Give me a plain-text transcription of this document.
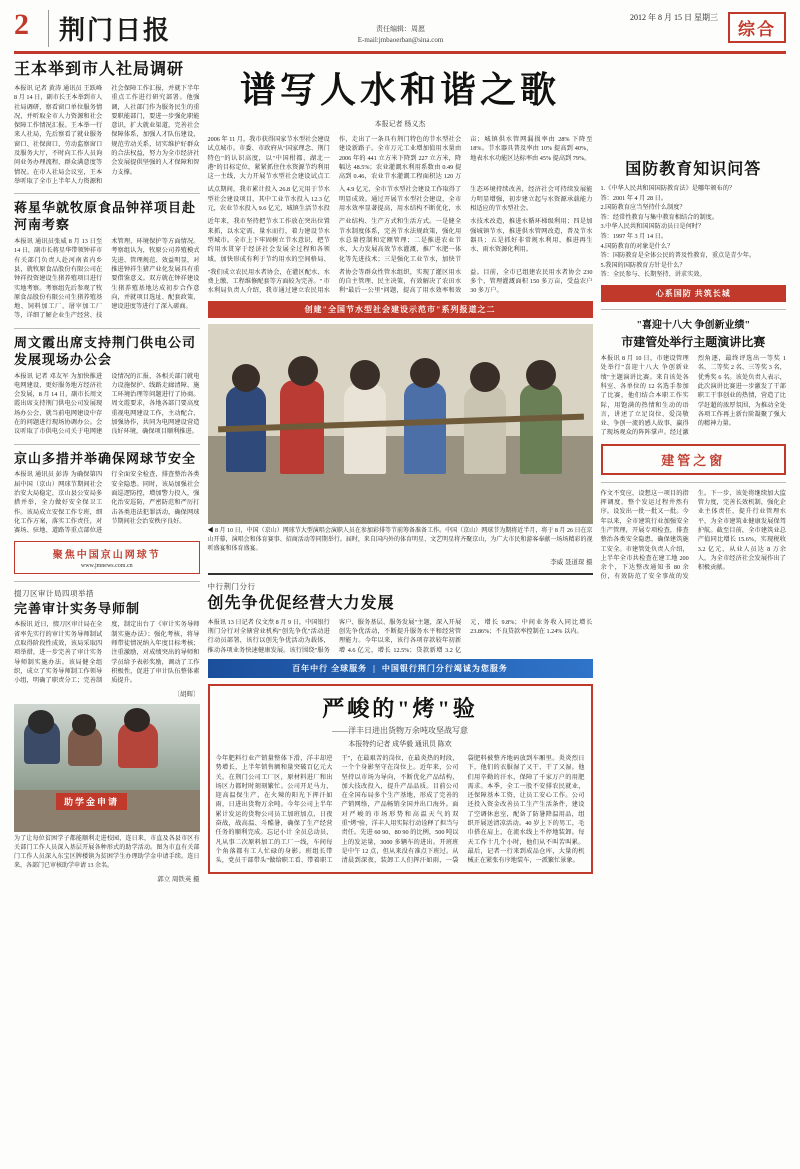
2	荆门日报	责任编辑：周愿
E-mail:jmbaoerban@sina.com
2012 年 8 月 15 日 星期三
综合
王本举到市人社局调研
本报讯 记者 黄涛 通讯员 王跃峰 8 月 14 日，副市长王本举到市人社局调研，察看窗口单位服务情况，并听取全市人力资源和社会保障工作情况汇报。王本举一行来人社局，先后察看了就业服务窗口、社保窗口、劳动监察窗口及服务大厅，不时向工作人员询问业务办理流程、群众满意度等情况。在市人社局会议室，王本举听取了全市上半年人力资源和社会保障工作汇报，并就下半年重点工作进行研究部署。他强调，人社部门作为服务民生的重要职能部门，要进一步强化职能意识，扩大就业渠道，完善社会保障体系，加强人才队伍建设，规范劳动关系，切实维护好群众的合法权益，努力为全市经济社会发展提供坚强的人才保障和智力支撑。
蒋星华就牧原食品钟祥项目赴河南考察
本报讯 通讯员张威 8 月 13 日至 14 日，副市长蒋星华带领钟祥市有关部门负责人赴河南省内乡县，就牧原食品股份有限公司在钟祥投资建设生猪养殖项目进行实地考察。考察组先后参观了牧原食品股份有限公司生猪养殖基地、饲料加工厂、屠宰加工厂等，详细了解企业生产经营、技术管理、环境保护等方面情况。考察组认为，牧原公司养殖模式先进、管理规范、效益明显，对推进钟祥生猪产业化发展具有重要借鉴意义。双方就在钟祥建设生猪养殖基地达成初步合作意向，并就项目选址、配套政策、建设进度等进行了深入磋商。
周文霞出席支持荆门供电公司发展现场办公会
本报讯 记者 邓友军 为加快推进电网建设，更好服务地方经济社会发展，8 月 14 日，副市长周文霞出席支持荆门供电公司发展现场办公会，就当前电网建设中存在的问题进行现场协调办公。会议听取了市供电公司关于电网建设情况的汇报，各相关部门就电力设施保护、线路走廊清障、施工环境治理等问题进行了协商。周文霞要求，各地各部门要高度重视电网建设工作，主动配合、加强协作，共同为电网建设营造良好环境，确保项目顺利推进。
京山多措并举确保网球节安全
本报讯 通讯员 彭涛 为确保第四届中国（京山）网球节期间社会治安大局稳定，京山县公安局多措并举，全力做好安全保卫工作。该局成立安保工作专班，细化工作方案，落实工作责任，对赛场、驻地、道路等重点部位进行全面安全检查，排查整治各类安全隐患。同时，该局加强社会面巡逻防控，增加警力投入，强化治安巡防，严密防范和严厉打击各类违法犯罪活动，确保网球节期间社会治安秩序良好。
聚焦中国京山网球节
www.jmnews.com.cn
掇刀区审计局四项举措
完善审计实务导师制
本报讯 近日，掇刀区审计局在全省率先实行的审计实务导师制试点取得阶段性成效，该局采取四项举措，进一步完善了审计实务导师制实施办法。该局健全组织，成立了实务导师制工作领导小组，明确了职责分工；完善制度，制定出台了《审计实务导师制实施办法》；强化考核，将导师带徒情况纳入年度目标考核；注重激励，对成绩突出的导师和学员给予表彰奖励，调动了工作积极性，促进了审计队伍整体素质提升。
〔胡辉〕
助学金申请
为了让每位贫困学子都能顺利走进校园，连日来，市直及各县市区有关部门工作人员深入基层开展各种形式的助学活动。图为市直有关部门工作人员深入东宝区牌楼镇为贫困学生办理助学金申请手续。连日来，各部门已审核助学申请 13 余名。
郭立 周铁英 摄
谱写人水和谐之歌
本报记者 杨义杰
2006 年 11 月，我市获得国家节水型社会建设试点城市。市委、市政府从"国家理念、荆门特色"的认识高度，以"中国柑都、湖北一港"的目标定位，紧紧抓住住水资源节约利用这一主线，大力开展节水型社会建设试点工作，走出了一条具有荆门特色的节水型社会建设新路子。全市万元工业增加值用水量由 2006 年的 441 立方米下降到 227 立方米，降幅达 48.5%；农业灌溉水利用系数由 0.49 提高到 0.46，农业节水灌溉工程面积达 120 万亩；城镇供水管网漏损率由 28% 下降至 18%。节水器具普及率由 10% 提高到 40%，地表水水功能区达标率由 45% 提高到 79%。
试点期间，我市累计投入 26.8 亿元用于节水型社会建设项目，其中工业节水投入 12.3 亿元，农业节水投入 9.6 亿元，城镇生活节水投入 4.9 亿元，全市节水型社会建设工作取得了明显成效。通过开展节水型社会建设，全市用水效率显著提高，用水结构不断优化，水生态环境持续改善，经济社会可持续发展能力明显增强，初步建立起与水资源承载能力相适应的节水型社会。
近年来，我市坚持把节水工作放在突出位置来抓，以水定需、量水而行，着力建设节水型城市。全市上下牢固树立节水意识，把节约用水贯穿于经济社会发展全过程和各领域，加快形成有利于节约用水的空间格局、产业结构、生产方式和生活方式。一是健全节水制度体系，完善节水法规政策，强化用水总量控制和定额管理；二是推进农业节水，大力发展高效节水灌溉，推广水肥一体化等先进技术；三是强化工业节水，加快节水技术改造，推进水循环梯级利用；四是加强城镇节水，推进供水管网改造，普及节水器具；五是抓好非常规水利用，推进再生水、雨水资源化利用。
"我们成立农民用水者协会，在灌区配水、水费上缴、工程维修配套等方面较为完善。" 市水利局负责人介绍，我市通过建立农民用水者协会等群众性管水组织，实现了灌区用水的自主管理、民主决策，有效解决了农田水利"最后一公里"问题，提高了用水效率和效益。目前，全市已组建农民用水者协会 230 多个，管理灌溉面积 150 多万亩，受益农户 30 多万户。
创建"全国节水型社会建设示范市"系列报道之二
◀ 8 月 10 日，中国（京山）网球节大型演唱会演职人员在参加彩排等节前筹备准备工作。中国（京山）网球节为期将近半月，将于 8 月 26 日在京山开幕，演唱会和体育赛事、招商活动等同期举行。届时，来自国内外的体育明星、文艺明星将齐聚京山，为广大市民和游客奉献一场场精彩的视听盛宴和体育盛宴。
李威 聂道琛 摄
中行荆门分行
创先争优促经营大力发展
本报讯 13 日记者 仪文焘 8 月 9 日，中国银行荆门分行对全辖营业机构"创先争优"活动进行动员部署，该行以创先争优活动为载体，推动各项业务快速健康发展。该行围绕"服务客户、服务基层、服务发展"主题，深入开展创先争优活动，不断提升服务水平和经营管理能力。今年以来，该行各项存款较年初新增 4.6 亿元，增长 12.5%；贷款新增 3.2 亿元，增长 9.8%；中间业务收入同比增长 23.86%；不良贷款率控制在 1.24% 以内。
百年中行 全球服务  |  中国银行荆门分行竭诚为您服务
严峻的"烤"验
——洋丰日进出货物万余吨攻坚战写意
本报特约记者 成华毅 通讯员 陈欢
今年肥料行业产销量整体下滑，洋丰却逆势增长，上半年销售额和量突破百亿元大关。在荆门公司工厂区，原材料进厂和出场区力都时时刻刻繁忙。公司开足马力，迎高温保生产，在火辣的阳光下挥汗如雨，日进出货物万余吨。今年公司上半年累计发运的货物公司员工加班加点、日夜奋战，战高温、斗酷暑，确保了生产经营任务的顺利完成。忘记小计 全员总动员，凡从事二次原料加工的工厂一线，车间每个角落都有工人忙碌的身影。班组长带头，党员干部带头"做给职工看、带着职工干"，在最艰苦的岗位，在最炎热的时段，一个个身影坚守在岗位上。近年来，公司坚持以市场为导向，不断优化产品结构，加大技改投入，提升产品品质。目前公司在全国布局多个生产基地，形成了完善的产销网络，产品畅销全国并出口海外。面对严峻的市场形势和高温天气的双重"烤"验，洋丰人用实际行动诠释了担当与责任。先进 60 90、80 90 的比例，500 吨以上的发运量，3000 多辆车的进出。开班班是中午 12 点，但从来没有准点下班过。从清晨到深夜，装卸工人们挥汗如雨，一袋袋肥料被整齐地码放到车厢里。炎炎烈日下，他们的衣服湿了又干、干了又湿。他们用辛勤的汗水，保障了千家万户的用肥需求。本季，全工一股不安排农民就业，还保障基本工资，让员工安心工作。公司还投入资金改善员工生产生活条件，建设了空调休息室，配备了防暑降温用品，组织开展送清凉活动。40 岁上下的男工，毛巾搭在肩上，在流水线上不停地装卸。每天工作十几个小时，他们从不叫苦叫累。最后，记者一行来到成品仓库，大量的机械正在紧张有序地装车，一派繁忙景象。
国防教育知识问答
1.《中华人民共和国国防教育法》是哪年颁布的？
答：2001 年 4 月 28 日。
2.国防教育应当坚持什么制度？
答：经常性教育与集中教育相结合的制度。
3.中华人民共和国国防动员日是何时？
答：1997 年 3 月 14 日。
4.国防教育的对象是什么？
答：国防教育是全体公民的普及性教育，重点是青少年。
5.我国的国防教育方针是什么？
答：全民参与、长期坚持、讲求实效。
心系国防 共筑长城
"喜迎十八大 争创新业绩"
市建管处举行主题演讲比赛
本报讯 8 月 10 日，市建设管理处举行"喜迎十八大 争创新业绩"主题演讲比赛。来自该处各科室、各单位的 12 名选手参加了比赛，他们结合本职工作实际，用饱满的热情和生动的语言，讲述了立足岗位、爱岗敬业、争创一流的感人故事，赢得了现场观众的阵阵掌声。经过激烈角逐，最终评选出一等奖 1 名、二等奖 2 名、三等奖 3 名，优秀奖 6 名。该处负责人表示，此次演讲比赛进一步激发了干部职工干事创业的热情，营造了比学赶超的浓厚氛围，为推动全处各项工作再上新台阶凝聚了强大的精神力量。
建管之窗
作文不变应，设想这一项目的指挥调度，整个发运过程井然有序。设发出一批一批又一批。今年以来，全市建筑行业加强安全生产管理，开展专项检查，排查整治各类安全隐患，确保建筑施工安全。市建管处负责人介绍，上半年全市共检查在建工地 200 余个，下达整改通知书 80 余份，有效防范了安全事故的发生。下一步，该处将继续加大监管力度，完善长效机制，强化企业主体责任，提升行业管理水平，为全市建筑业健康发展保驾护航。截至目前，全市建筑业总产值同比增长 15.6%，实现税收 3.2 亿元，从业人员达 8 万余人，为全市经济社会发展作出了积极贡献。
